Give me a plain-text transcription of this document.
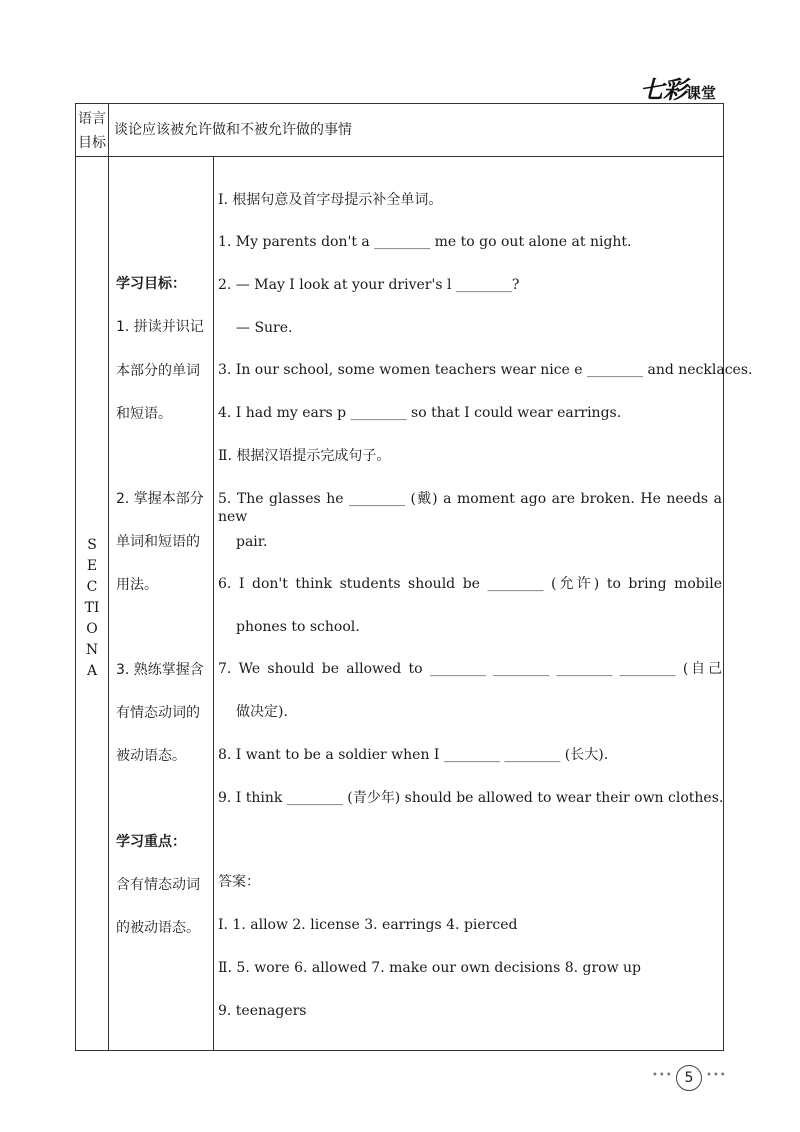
七彩课堂
语言
目标
谈论应该被允许做和不被允许做的事情
SECTIONA
学习目标：
1. 拼读并识记
本部分的单词
和短语。
2. 掌握本部分
单词和短语的
用法。
3. 熟练掌握含
有情态动词的
被动语态。
学习重点：
含有情态动词
的被动语态。
Ⅰ. 根据句意及首字母提示补全单词。
1. My parents don't a ________ me to go out alone at night.
2. — May I look at your driver's l ________?
— Sure.
3. In our school, some women teachers wear nice e ________ and necklaces.
4. I had my ears p ________ so that I could wear earrings.
Ⅱ. 根据汉语提示完成句子。
5. The glasses he ________ (戴) a moment ago are broken. He needs a new
pair.
6. I don't think students should be ________ (允许) to bring mobile
phones to school.
7. We should be allowed to ________ ________ ________ ________ (自己
做决定).
8. I want to be a soldier when I ________ ________ (长大).
9. I think ________ (青少年) should be allowed to wear their own clothes.
答案：
Ⅰ. 1. allow 2. license 3. earrings 4. pierced
Ⅱ. 5. wore 6. allowed 7. make our own decisions 8. grow up
9. teenagers
••• 5	•••
